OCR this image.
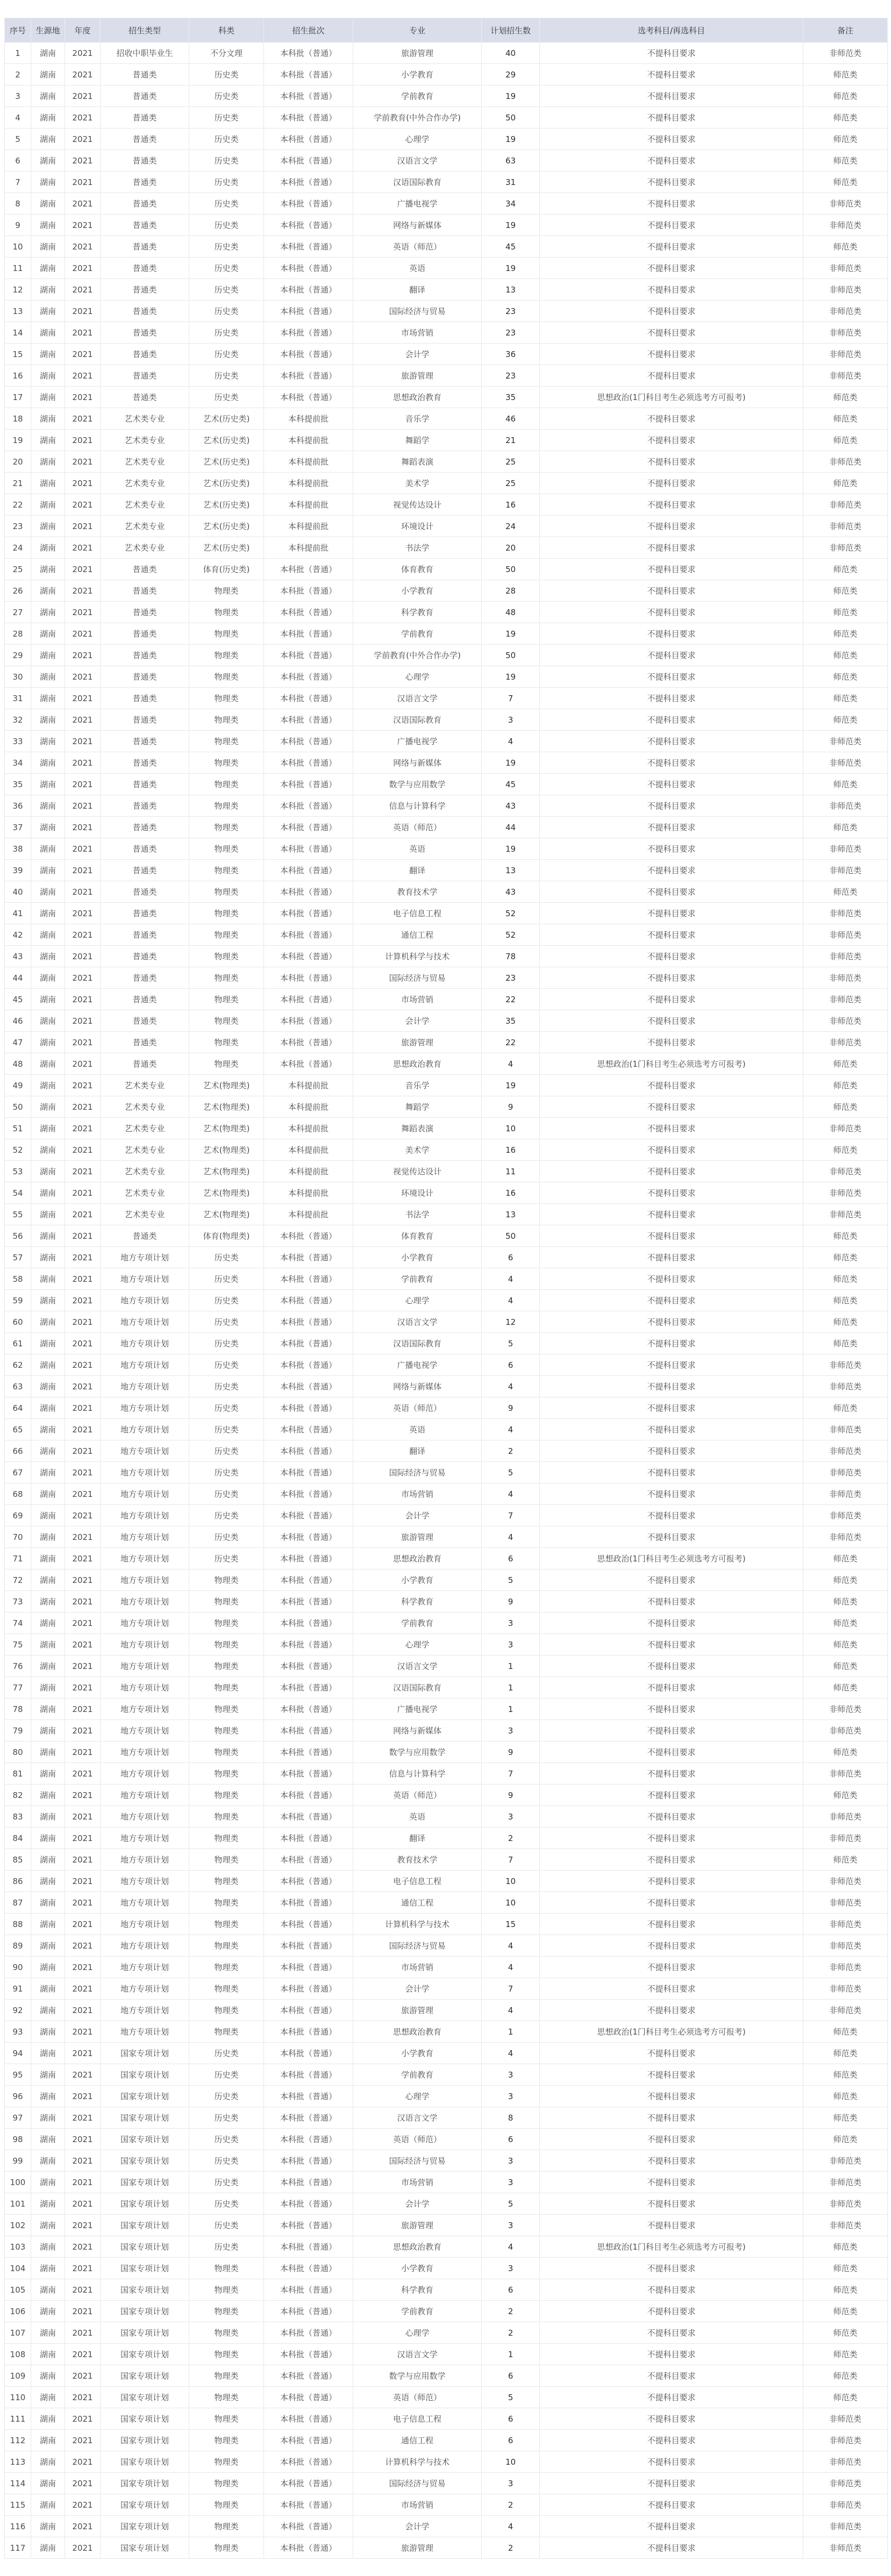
序号	生源地	年度	招生类型	科类	招生批次	专业	计划招生数	选考科目/再选科目	备注
1	湖南	2021	招收中职毕业生	不分文理	本科批（普通）	旅游管理	40	不提科目要求	非师范类
2	湖南	2021	普通类	历史类	本科批（普通）	小学教育	29	不提科目要求	师范类
3	湖南	2021	普通类	历史类	本科批（普通）	学前教育	19	不提科目要求	师范类
4	湖南	2021	普通类	历史类	本科批（普通）	学前教育(中外合作办学)	50	不提科目要求	师范类
5	湖南	2021	普通类	历史类	本科批（普通）	心理学	19	不提科目要求	师范类
6	湖南	2021	普通类	历史类	本科批（普通）	汉语言文学	63	不提科目要求	师范类
7	湖南	2021	普通类	历史类	本科批（普通）	汉语国际教育	31	不提科目要求	师范类
8	湖南	2021	普通类	历史类	本科批（普通）	广播电视学	34	不提科目要求	非师范类
9	湖南	2021	普通类	历史类	本科批（普通）	网络与新媒体	19	不提科目要求	非师范类
10	湖南	2021	普通类	历史类	本科批（普通）	英语（师范）	45	不提科目要求	师范类
11	湖南	2021	普通类	历史类	本科批（普通）	英语	19	不提科目要求	非师范类
12	湖南	2021	普通类	历史类	本科批（普通）	翻译	13	不提科目要求	非师范类
13	湖南	2021	普通类	历史类	本科批（普通）	国际经济与贸易	23	不提科目要求	非师范类
14	湖南	2021	普通类	历史类	本科批（普通）	市场营销	23	不提科目要求	非师范类
15	湖南	2021	普通类	历史类	本科批（普通）	会计学	36	不提科目要求	非师范类
16	湖南	2021	普通类	历史类	本科批（普通）	旅游管理	23	不提科目要求	非师范类
17	湖南	2021	普通类	历史类	本科批（普通）	思想政治教育	35	思想政治(1门科目考生必须选考方可报考)	师范类
18	湖南	2021	艺术类专业	艺术(历史类)	本科提前批	音乐学	46	不提科目要求	师范类
19	湖南	2021	艺术类专业	艺术(历史类)	本科提前批	舞蹈学	21	不提科目要求	师范类
20	湖南	2021	艺术类专业	艺术(历史类)	本科提前批	舞蹈表演	25	不提科目要求	非师范类
21	湖南	2021	艺术类专业	艺术(历史类)	本科提前批	美术学	25	不提科目要求	师范类
22	湖南	2021	艺术类专业	艺术(历史类)	本科提前批	视觉传达设计	16	不提科目要求	非师范类
23	湖南	2021	艺术类专业	艺术(历史类)	本科提前批	环境设计	24	不提科目要求	非师范类
24	湖南	2021	艺术类专业	艺术(历史类)	本科提前批	书法学	20	不提科目要求	非师范类
25	湖南	2021	普通类	体育(历史类)	本科批（普通）	体育教育	50	不提科目要求	师范类
26	湖南	2021	普通类	物理类	本科批（普通）	小学教育	28	不提科目要求	师范类
27	湖南	2021	普通类	物理类	本科批（普通）	科学教育	48	不提科目要求	师范类
28	湖南	2021	普通类	物理类	本科批（普通）	学前教育	19	不提科目要求	师范类
29	湖南	2021	普通类	物理类	本科批（普通）	学前教育(中外合作办学)	50	不提科目要求	师范类
30	湖南	2021	普通类	物理类	本科批（普通）	心理学	19	不提科目要求	师范类
31	湖南	2021	普通类	物理类	本科批（普通）	汉语言文学	7	不提科目要求	师范类
32	湖南	2021	普通类	物理类	本科批（普通）	汉语国际教育	3	不提科目要求	师范类
33	湖南	2021	普通类	物理类	本科批（普通）	广播电视学	4	不提科目要求	非师范类
34	湖南	2021	普通类	物理类	本科批（普通）	网络与新媒体	19	不提科目要求	非师范类
35	湖南	2021	普通类	物理类	本科批（普通）	数学与应用数学	45	不提科目要求	师范类
36	湖南	2021	普通类	物理类	本科批（普通）	信息与计算科学	43	不提科目要求	非师范类
37	湖南	2021	普通类	物理类	本科批（普通）	英语（师范）	44	不提科目要求	师范类
38	湖南	2021	普通类	物理类	本科批（普通）	英语	19	不提科目要求	非师范类
39	湖南	2021	普通类	物理类	本科批（普通）	翻译	13	不提科目要求	非师范类
40	湖南	2021	普通类	物理类	本科批（普通）	教育技术学	43	不提科目要求	师范类
41	湖南	2021	普通类	物理类	本科批（普通）	电子信息工程	52	不提科目要求	非师范类
42	湖南	2021	普通类	物理类	本科批（普通）	通信工程	52	不提科目要求	非师范类
43	湖南	2021	普通类	物理类	本科批（普通）	计算机科学与技术	78	不提科目要求	非师范类
44	湖南	2021	普通类	物理类	本科批（普通）	国际经济与贸易	23	不提科目要求	非师范类
45	湖南	2021	普通类	物理类	本科批（普通）	市场营销	22	不提科目要求	非师范类
46	湖南	2021	普通类	物理类	本科批（普通）	会计学	35	不提科目要求	非师范类
47	湖南	2021	普通类	物理类	本科批（普通）	旅游管理	22	不提科目要求	非师范类
48	湖南	2021	普通类	物理类	本科批（普通）	思想政治教育	4	思想政治(1门科目考生必须选考方可报考)	师范类
49	湖南	2021	艺术类专业	艺术(物理类)	本科提前批	音乐学	19	不提科目要求	师范类
50	湖南	2021	艺术类专业	艺术(物理类)	本科提前批	舞蹈学	9	不提科目要求	师范类
51	湖南	2021	艺术类专业	艺术(物理类)	本科提前批	舞蹈表演	10	不提科目要求	非师范类
52	湖南	2021	艺术类专业	艺术(物理类)	本科提前批	美术学	16	不提科目要求	师范类
53	湖南	2021	艺术类专业	艺术(物理类)	本科提前批	视觉传达设计	11	不提科目要求	非师范类
54	湖南	2021	艺术类专业	艺术(物理类)	本科提前批	环境设计	16	不提科目要求	非师范类
55	湖南	2021	艺术类专业	艺术(物理类)	本科提前批	书法学	13	不提科目要求	非师范类
56	湖南	2021	普通类	体育(物理类)	本科批（普通）	体育教育	50	不提科目要求	师范类
57	湖南	2021	地方专项计划	历史类	本科批（普通）	小学教育	6	不提科目要求	师范类
58	湖南	2021	地方专项计划	历史类	本科批（普通）	学前教育	4	不提科目要求	师范类
59	湖南	2021	地方专项计划	历史类	本科批（普通）	心理学	4	不提科目要求	师范类
60	湖南	2021	地方专项计划	历史类	本科批（普通）	汉语言文学	12	不提科目要求	师范类
61	湖南	2021	地方专项计划	历史类	本科批（普通）	汉语国际教育	5	不提科目要求	师范类
62	湖南	2021	地方专项计划	历史类	本科批（普通）	广播电视学	6	不提科目要求	非师范类
63	湖南	2021	地方专项计划	历史类	本科批（普通）	网络与新媒体	4	不提科目要求	非师范类
64	湖南	2021	地方专项计划	历史类	本科批（普通）	英语（师范）	9	不提科目要求	师范类
65	湖南	2021	地方专项计划	历史类	本科批（普通）	英语	4	不提科目要求	非师范类
66	湖南	2021	地方专项计划	历史类	本科批（普通）	翻译	2	不提科目要求	非师范类
67	湖南	2021	地方专项计划	历史类	本科批（普通）	国际经济与贸易	5	不提科目要求	非师范类
68	湖南	2021	地方专项计划	历史类	本科批（普通）	市场营销	4	不提科目要求	非师范类
69	湖南	2021	地方专项计划	历史类	本科批（普通）	会计学	7	不提科目要求	非师范类
70	湖南	2021	地方专项计划	历史类	本科批（普通）	旅游管理	4	不提科目要求	非师范类
71	湖南	2021	地方专项计划	历史类	本科批（普通）	思想政治教育	6	思想政治(1门科目考生必须选考方可报考)	师范类
72	湖南	2021	地方专项计划	物理类	本科批（普通）	小学教育	5	不提科目要求	师范类
73	湖南	2021	地方专项计划	物理类	本科批（普通）	科学教育	9	不提科目要求	师范类
74	湖南	2021	地方专项计划	物理类	本科批（普通）	学前教育	3	不提科目要求	师范类
75	湖南	2021	地方专项计划	物理类	本科批（普通）	心理学	3	不提科目要求	师范类
76	湖南	2021	地方专项计划	物理类	本科批（普通）	汉语言文学	1	不提科目要求	师范类
77	湖南	2021	地方专项计划	物理类	本科批（普通）	汉语国际教育	1	不提科目要求	师范类
78	湖南	2021	地方专项计划	物理类	本科批（普通）	广播电视学	1	不提科目要求	非师范类
79	湖南	2021	地方专项计划	物理类	本科批（普通）	网络与新媒体	3	不提科目要求	非师范类
80	湖南	2021	地方专项计划	物理类	本科批（普通）	数学与应用数学	9	不提科目要求	师范类
81	湖南	2021	地方专项计划	物理类	本科批（普通）	信息与计算科学	7	不提科目要求	非师范类
82	湖南	2021	地方专项计划	物理类	本科批（普通）	英语（师范）	9	不提科目要求	师范类
83	湖南	2021	地方专项计划	物理类	本科批（普通）	英语	3	不提科目要求	非师范类
84	湖南	2021	地方专项计划	物理类	本科批（普通）	翻译	2	不提科目要求	非师范类
85	湖南	2021	地方专项计划	物理类	本科批（普通）	教育技术学	7	不提科目要求	师范类
86	湖南	2021	地方专项计划	物理类	本科批（普通）	电子信息工程	10	不提科目要求	非师范类
87	湖南	2021	地方专项计划	物理类	本科批（普通）	通信工程	10	不提科目要求	非师范类
88	湖南	2021	地方专项计划	物理类	本科批（普通）	计算机科学与技术	15	不提科目要求	非师范类
89	湖南	2021	地方专项计划	物理类	本科批（普通）	国际经济与贸易	4	不提科目要求	非师范类
90	湖南	2021	地方专项计划	物理类	本科批（普通）	市场营销	4	不提科目要求	非师范类
91	湖南	2021	地方专项计划	物理类	本科批（普通）	会计学	7	不提科目要求	非师范类
92	湖南	2021	地方专项计划	物理类	本科批（普通）	旅游管理	4	不提科目要求	非师范类
93	湖南	2021	地方专项计划	物理类	本科批（普通）	思想政治教育	1	思想政治(1门科目考生必须选考方可报考)	师范类
94	湖南	2021	国家专项计划	历史类	本科批（普通）	小学教育	4	不提科目要求	师范类
95	湖南	2021	国家专项计划	历史类	本科批（普通）	学前教育	3	不提科目要求	师范类
96	湖南	2021	国家专项计划	历史类	本科批（普通）	心理学	3	不提科目要求	师范类
97	湖南	2021	国家专项计划	历史类	本科批（普通）	汉语言文学	8	不提科目要求	师范类
98	湖南	2021	国家专项计划	历史类	本科批（普通）	英语（师范）	6	不提科目要求	师范类
99	湖南	2021	国家专项计划	历史类	本科批（普通）	国际经济与贸易	3	不提科目要求	非师范类
100	湖南	2021	国家专项计划	历史类	本科批（普通）	市场营销	3	不提科目要求	非师范类
101	湖南	2021	国家专项计划	历史类	本科批（普通）	会计学	5	不提科目要求	非师范类
102	湖南	2021	国家专项计划	历史类	本科批（普通）	旅游管理	3	不提科目要求	非师范类
103	湖南	2021	国家专项计划	历史类	本科批（普通）	思想政治教育	4	思想政治(1门科目考生必须选考方可报考)	师范类
104	湖南	2021	国家专项计划	物理类	本科批（普通）	小学教育	3	不提科目要求	师范类
105	湖南	2021	国家专项计划	物理类	本科批（普通）	科学教育	6	不提科目要求	师范类
106	湖南	2021	国家专项计划	物理类	本科批（普通）	学前教育	2	不提科目要求	师范类
107	湖南	2021	国家专项计划	物理类	本科批（普通）	心理学	2	不提科目要求	师范类
108	湖南	2021	国家专项计划	物理类	本科批（普通）	汉语言文学	1	不提科目要求	师范类
109	湖南	2021	国家专项计划	物理类	本科批（普通）	数学与应用数学	6	不提科目要求	师范类
110	湖南	2021	国家专项计划	物理类	本科批（普通）	英语（师范）	5	不提科目要求	师范类
111	湖南	2021	国家专项计划	物理类	本科批（普通）	电子信息工程	6	不提科目要求	非师范类
112	湖南	2021	国家专项计划	物理类	本科批（普通）	通信工程	6	不提科目要求	非师范类
113	湖南	2021	国家专项计划	物理类	本科批（普通）	计算机科学与技术	10	不提科目要求	非师范类
114	湖南	2021	国家专项计划	物理类	本科批（普通）	国际经济与贸易	3	不提科目要求	非师范类
115	湖南	2021	国家专项计划	物理类	本科批（普通）	市场营销	2	不提科目要求	非师范类
116	湖南	2021	国家专项计划	物理类	本科批（普通）	会计学	4	不提科目要求	非师范类
117	湖南	2021	国家专项计划	物理类	本科批（普通）	旅游管理	2	不提科目要求	非师范类
